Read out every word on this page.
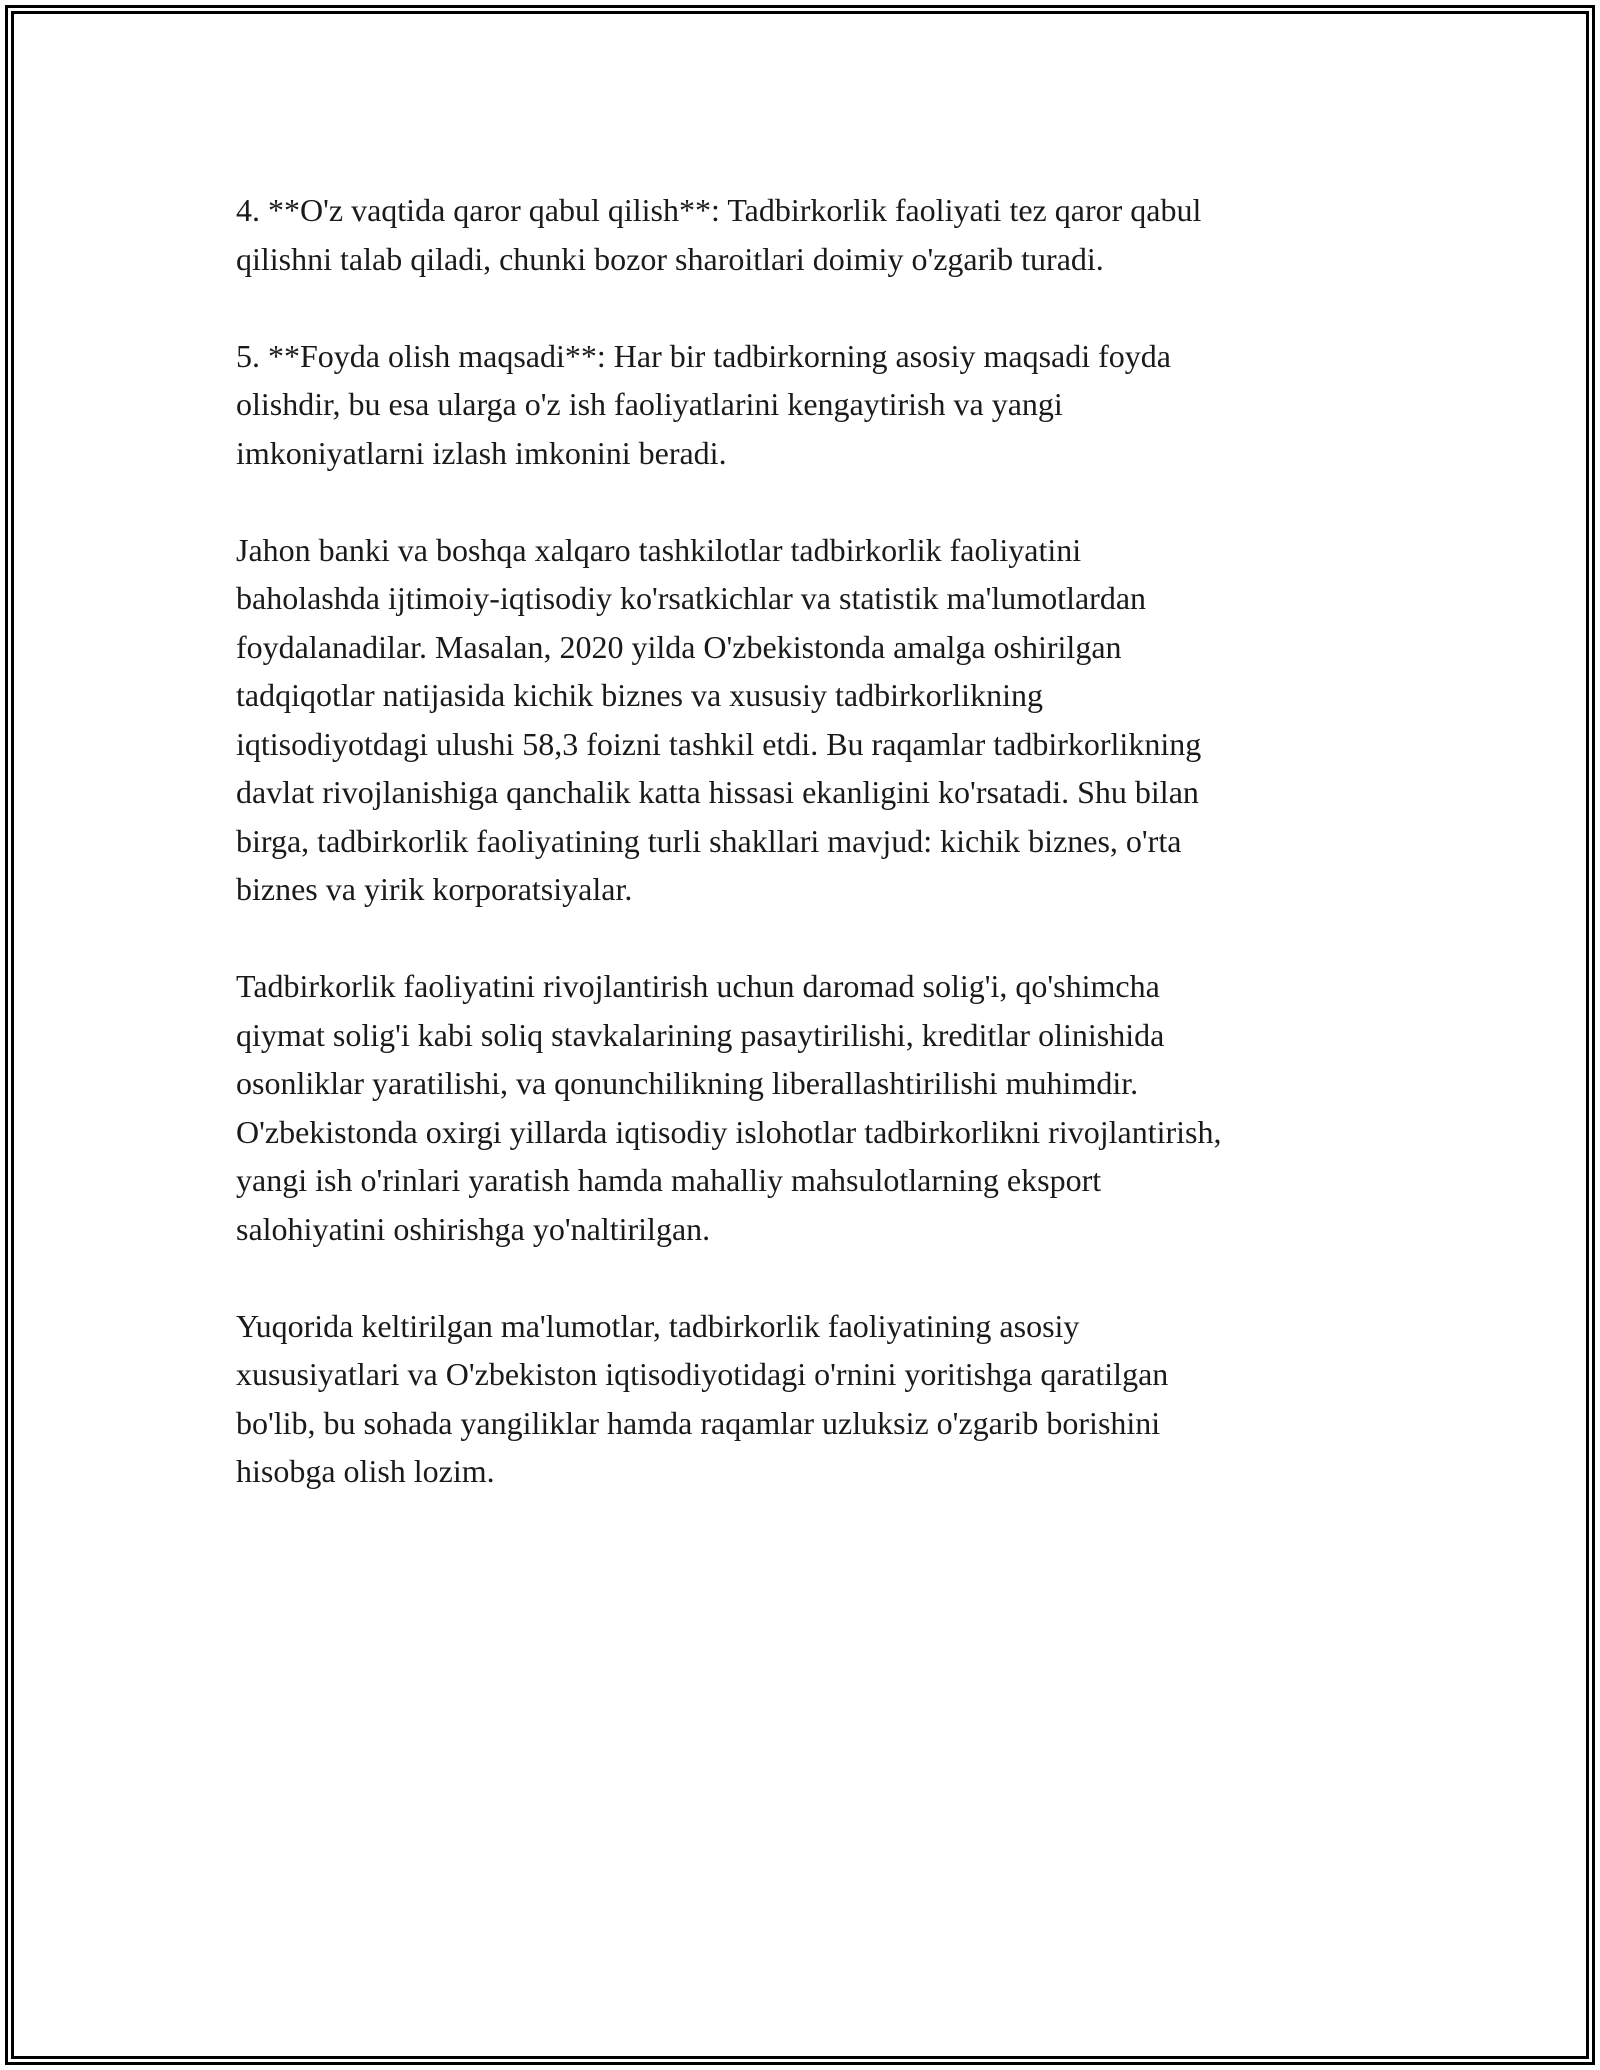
4. **O'z vaqtida qaror qabul qilish**: Tadbirkorlik faoliyati tez qaror qabul
qilishni talab qiladi, chunki bozor sharoitlari doimiy o'zgarib turadi.

5. **Foyda olish maqsadi**: Har bir tadbirkorning asosiy maqsadi foyda
olishdir, bu esa ularga o'z ish faoliyatlarini kengaytirish va yangi
imkoniyatlarni izlash imkonini beradi.

Jahon banki va boshqa xalqaro tashkilotlar tadbirkorlik faoliyatini
baholashda ijtimoiy-iqtisodiy ko'rsatkichlar va statistik ma'lumotlardan
foydalanadilar. Masalan, 2020 yilda O'zbekistonda amalga oshirilgan
tadqiqotlar natijasida kichik biznes va xususiy tadbirkorlikning
iqtisodiyotdagi ulushi 58,3 foizni tashkil etdi. Bu raqamlar tadbirkorlikning
davlat rivojlanishiga qanchalik katta hissasi ekanligini ko'rsatadi. Shu bilan
birga, tadbirkorlik faoliyatining turli shakllari mavjud: kichik biznes, o'rta
biznes va yirik korporatsiyalar.

Tadbirkorlik faoliyatini rivojlantirish uchun daromad solig'i, qo'shimcha
qiymat solig'i kabi soliq stavkalarining pasaytirilishi, kreditlar olinishida
osonliklar yaratilishi, va qonunchilikning liberallashtirilishi muhimdir.
O'zbekistonda oxirgi yillarda iqtisodiy islohotlar tadbirkorlikni rivojlantirish,
yangi ish o'rinlari yaratish hamda mahalliy mahsulotlarning eksport
salohiyatini oshirishga yo'naltirilgan.

Yuqorida keltirilgan ma'lumotlar, tadbirkorlik faoliyatining asosiy
xususiyatlari va O'zbekiston iqtisodiyotidagi o'rnini yoritishga qaratilgan
bo'lib, bu sohada yangiliklar hamda raqamlar uzluksiz o'zgarib borishini
hisobga olish lozim.
